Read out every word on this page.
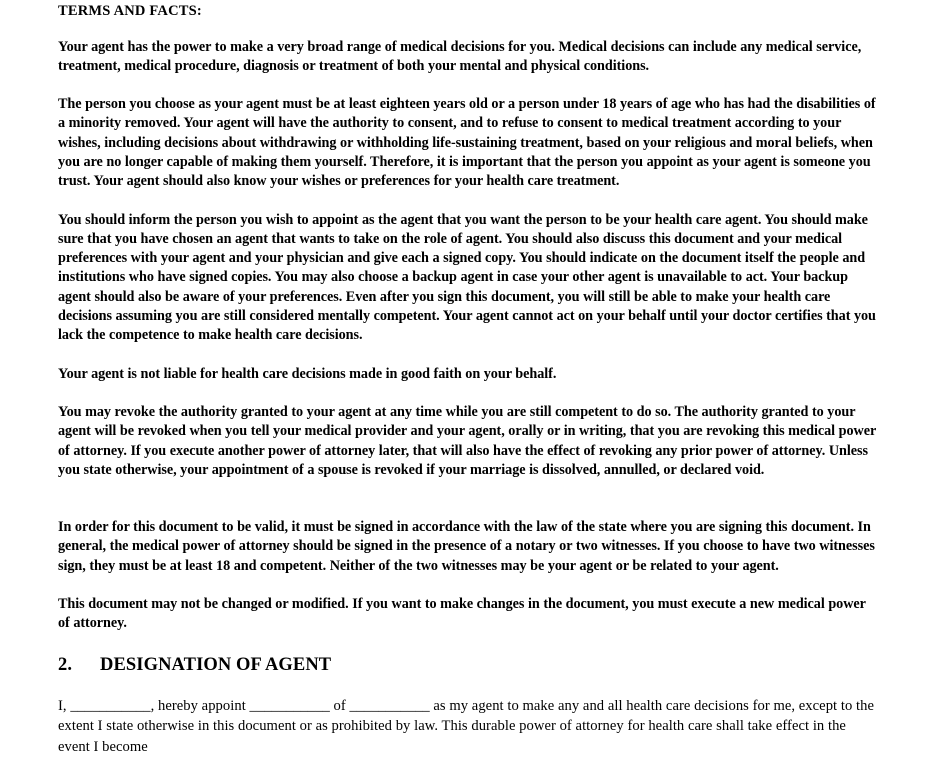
TERMS AND FACTS:

Your agent has the power to make a very broad range of medical decisions for you. Medical decisions can include any medical service, treatment, medical procedure, diagnosis or treatment of both your mental and physical conditions.

The person you choose as your agent must be at least eighteen years old or a person under 18 years of age who has had the disabilities of a minority removed. Your agent will have the authority to consent, and to refuse to consent to medical treatment according to your wishes, including decisions about withdrawing or withholding life-sustaining treatment, based on your religious and moral beliefs, when you are no longer capable of making them yourself. Therefore, it is important that the person you appoint as your agent is someone you trust. Your agent should also know your wishes or preferences for your health care treatment.

You should inform the person you wish to appoint as the agent that you want the person to be your health care agent. You should make sure that you have chosen an agent that wants to take on the role of agent. You should also discuss this document and your medical preferences with your agent and your physician and give each a signed copy. You should indicate on the document itself the people and institutions who have signed copies. You may also choose a backup agent in case your other agent is unavailable to act. Your backup agent should also be aware of your preferences. Even after you sign this document, you will still be able to make your health care decisions assuming you are still considered mentally competent. Your agent cannot act on your behalf until your doctor certifies that you lack the competence to make health care decisions.

Your agent is not liable for health care decisions made in good faith on your behalf.

You may revoke the authority granted to your agent at any time while you are still competent to do so. The authority granted to your agent will be revoked when you tell your medical provider and your agent, orally or in writing, that you are revoking this medical power of attorney. If you execute another power of attorney later, that will also have the effect of revoking any prior power of attorney. Unless you state otherwise, your appointment of a spouse is revoked if your marriage is dissolved, annulled, or declared void.

In order for this document to be valid, it must be signed in accordance with the law of the state where you are signing this document. In general, the medical power of attorney should be signed in the presence of a notary or two witnesses. If you choose to have two witnesses sign, they must be at least 18 and competent. Neither of the two witnesses may be your agent or be related to your agent.

This document may not be changed or modified. If you want to make changes in the document, you must execute a new medical power of attorney.

2.	DESIGNATION OF AGENT

I, ___________, hereby appoint ___________ of ___________ as my agent to make any and all health care decisions for me, except to the extent I state otherwise in this document or as prohibited by law. This durable power of attorney for health care shall take effect in the event I become
